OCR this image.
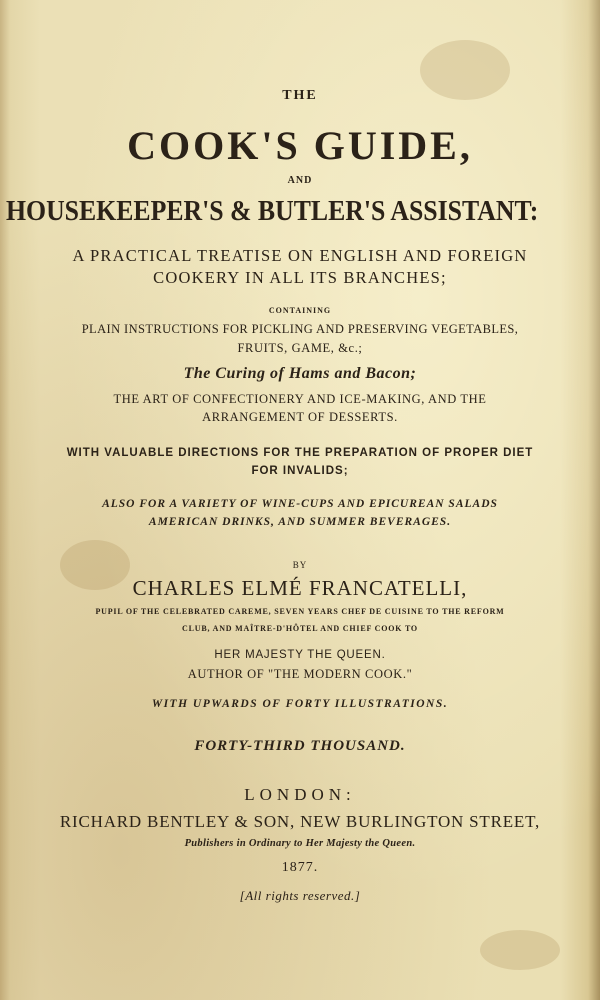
THE
COOK'S GUIDE,
AND
HOUSEKEEPER'S & BUTLER'S ASSISTANT:
A PRACTICAL TREATISE ON ENGLISH AND FOREIGN
COOKERY IN ALL ITS BRANCHES;
CONTAINING
PLAIN INSTRUCTIONS FOR PICKLING AND PRESERVING VEGETABLES,
FRUITS, GAME, &c.;
The Curing of Hams and Bacon;
THE ART OF CONFECTIONERY AND ICE-MAKING, AND THE
ARRANGEMENT OF DESSERTS.
WITH VALUABLE DIRECTIONS FOR THE PREPARATION OF PROPER DIET
FOR INVALIDS;
ALSO FOR A VARIETY OF WINE-CUPS AND EPICUREAN SALADS
AMERICAN DRINKS, AND SUMMER BEVERAGES.
BY
CHARLES ELMÉ FRANCATELLI,
PUPIL OF THE CELEBRATED CAREME, SEVEN YEARS CHEF DE CUISINE TO THE REFORM
CLUB, AND MAÎTRE-D'HÔTEL AND CHIEF COOK TO
HER MAJESTY THE QUEEN.
AUTHOR OF "THE MODERN COOK."
WITH UPWARDS OF FORTY ILLUSTRATIONS.
FORTY-THIRD THOUSAND.
LONDON:
RICHARD BENTLEY & SON, NEW BURLINGTON STREET,
Publishers in Ordinary to Her Majesty the Queen.
1877.
[All rights reserved.]
